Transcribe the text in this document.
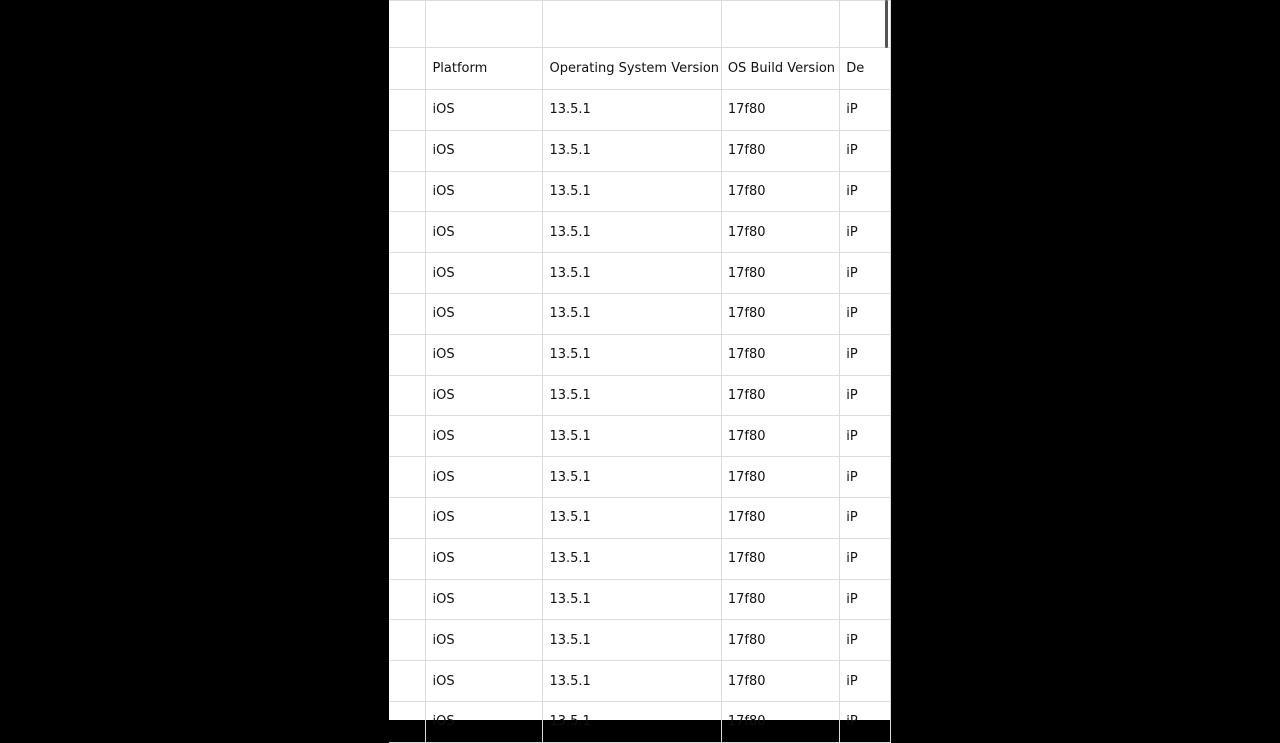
	Platform	Operating System Version	OS Build Version	De
	iOS	13.5.1	17f80	iP
	iOS	13.5.1	17f80	iP
	iOS	13.5.1	17f80	iP
	iOS	13.5.1	17f80	iP
	iOS	13.5.1	17f80	iP
	iOS	13.5.1	17f80	iP
	iOS	13.5.1	17f80	iP
	iOS	13.5.1	17f80	iP
	iOS	13.5.1	17f80	iP
	iOS	13.5.1	17f80	iP
	iOS	13.5.1	17f80	iP
	iOS	13.5.1	17f80	iP
	iOS	13.5.1	17f80	iP
	iOS	13.5.1	17f80	iP
	iOS	13.5.1	17f80	iP
	iOS	13.5.1	17f80	iP
